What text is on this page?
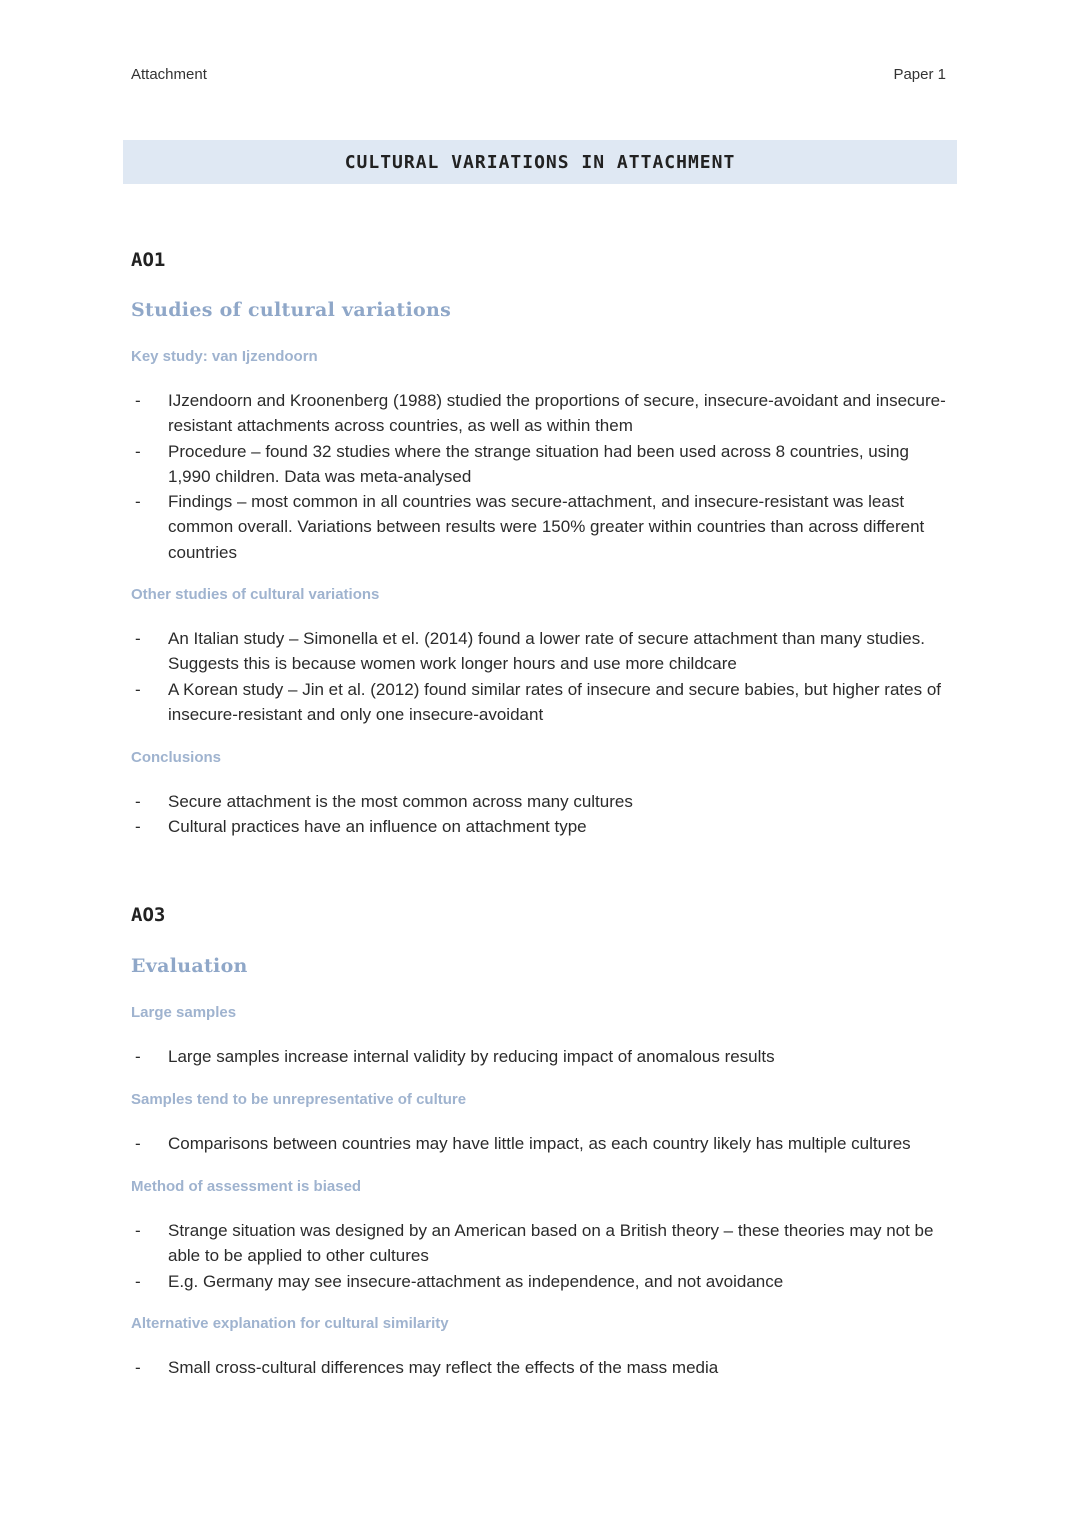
Attachment	Paper 1
CULTURAL VARIATIONS IN ATTACHMENT
AO1
Studies of cultural variations
Key study: van Ijzendoorn
- IJzendoorn and Kroonenberg (1988) studied the proportions of secure, insecure-avoidant and insecure-resistant attachments across countries, as well as within them
- Procedure – found 32 studies where the strange situation had been used across 8 countries, using 1,990 children. Data was meta-analysed
- Findings – most common in all countries was secure-attachment, and insecure-resistant was least common overall. Variations between results were 150% greater within countries than across different countries
Other studies of cultural variations
- An Italian study – Simonella et el. (2014) found a lower rate of secure attachment than many studies. Suggests this is because women work longer hours and use more childcare
- A Korean study – Jin et al. (2012) found similar rates of insecure and secure babies, but higher rates of insecure-resistant and only one insecure-avoidant
Conclusions
- Secure attachment is the most common across many cultures
- Cultural practices have an influence on attachment type
AO3
Evaluation
Large samples
- Large samples increase internal validity by reducing impact of anomalous results
Samples tend to be unrepresentative of culture
- Comparisons between countries may have little impact, as each country likely has multiple cultures
Method of assessment is biased
- Strange situation was designed by an American based on a British theory – these theories may not be able to be applied to other cultures
- E.g. Germany may see insecure-attachment as independence, and not avoidance
Alternative explanation for cultural similarity
- Small cross-cultural differences may reflect the effects of the mass media
